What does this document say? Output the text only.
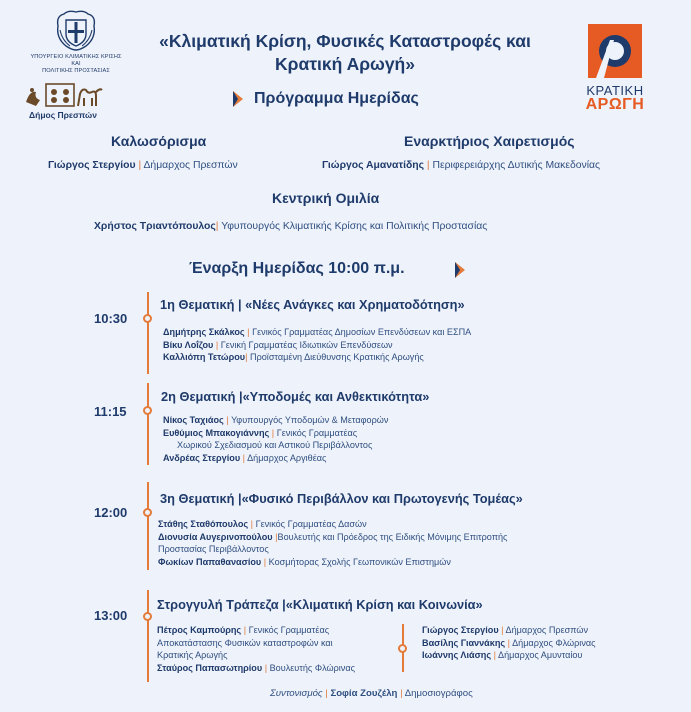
ΥΠΟΥΡΓΕΙΟ ΚΛΙΜΑΤΙΚΗΣ ΚΡΙΣΗΣ ΚΑΙ
ΠΟΛΙΤΙΚΗΣ ΠΡΟΣΤΑΣΙΑΣ
Δήμος Πρεσπών
«Κλιματική Κρίση, Φυσικές Καταστροφές και
Κρατική Αρωγή»
ΚΡΑΤΙΚΗ
ΑΡΩΓΗ
Πρόγραμμα Ημερίδας
Καλωσόρισμα
Γιώργος Στεργίου | Δήμαρχος Πρεσπών
Εναρκτήριος Χαιρετισμός
Γιώργος Αμανατίδης | Περιφερειάρχης Δυτικής Μακεδονίας
Κεντρική Ομιλία
Χρήστος Τριαντόπουλος| Υφυπουργός Κλιματικής Κρίσης και Πολιτικής Προστασίας
Έναρξη Ημερίδας 10:00 π.μ.
10:30
1η Θεματική | «Νέες Ανάγκες και Χρηματοδότηση»
Δημήτρης Σκάλκος | Γενικός Γραμματέας Δημοσίων Επενδύσεων και ΕΣΠΑ
Βίκυ Λοΐζου | Γενική Γραμματέας Ιδιωτικών Επενδύσεων
Καλλιόπη Τετώρου| Προϊσταμένη Διεύθυνσης Κρατικής Αρωγής
11:15
2η Θεματική |«Υποδομές και Ανθεκτικότητα»
Νίκος Ταχιάος | Υφυπουργός Υποδομών & Μεταφορών
Ευθύμιος Μπακογιάννης | Γενικός Γραμματέας
Χωρικού Σχεδιασμού και Αστικού Περιβάλλοντος
Ανδρέας Στεργίου | Δήμαρχος Αργιθέας
12:00
3η Θεματική |«Φυσικό Περιβάλλον και Πρωτογενής Τομέας»
Στάθης Σταθόπουλος | Γενικός Γραμματέας Δασών
Διονυσία Αυγερινοπούλου |Βουλευτής και Πρόεδρος της Ειδικής Μόνιμης Επιτροπής
Προστασίας Περιβάλλοντος
Φωκίων Παπαθανασίου | Κοσμήτορας Σχολής Γεωπονικών Επιστημών
13:00
Στρογγυλή Τράπεζα |«Κλιματική Κρίση και Κοινωνία»
Πέτρος Καμπούρης | Γενικός Γραμματέας
Αποκατάστασης Φυσικών καταστροφών και
Κρατικής Αρωγής
Σταύρος Παπασωτηρίου | Βουλευτής Φλώρινας
Γιώργος Στεργίου | Δήμαρχος Πρεσπών
Βασίλης Γιαννάκης | Δήμαρχος Φλώρινας
Ιωάννης Λιάσης | Δήμαρχος Αμυνταίου
Συντονισμός | Σοφία Ζουζέλη | Δημοσιογράφος
